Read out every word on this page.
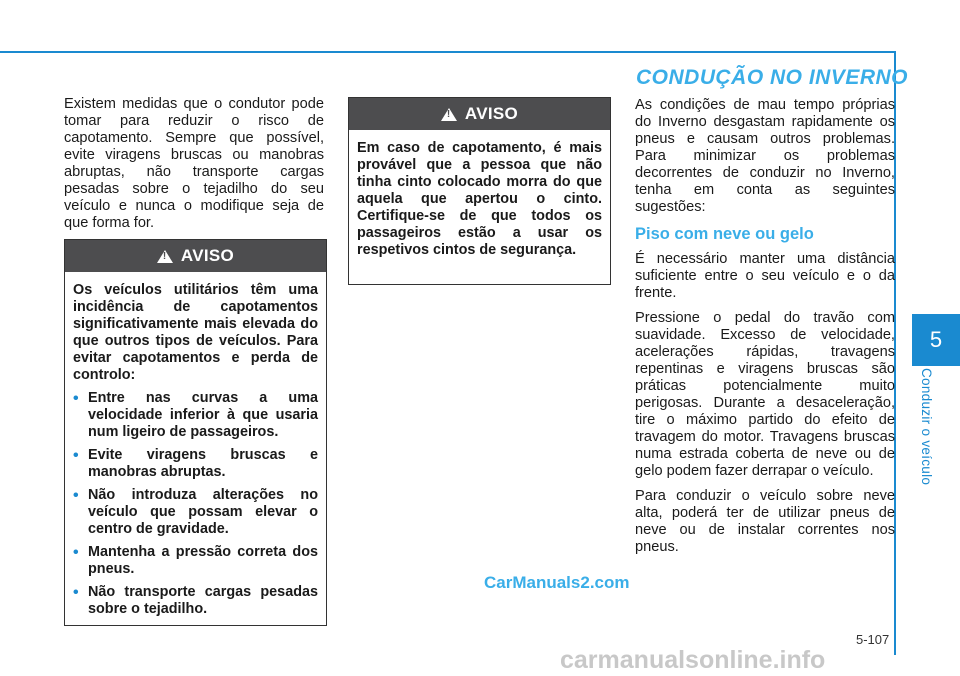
5
Conduzir o veículo
CONDUÇÃO NO INVERNO

Existem medidas que o condutor pode tomar para reduzir o risco de capotamento. Sempre que possível, evite viragens bruscas ou manobras abruptas, não transporte cargas pesadas sobre o tejadilho do seu veículo e nunca o modifique seja de que forma for.

!
AVISO
Os veículos utilitários têm uma incidência de capotamentos significativamente mais elevada do que outros tipos de veículos. Para evitar capotamentos e perda de controlo:
• Entre nas curvas a uma velocidade inferior à que usaria num ligeiro de passageiros.
• Evite viragens bruscas e manobras abruptas.
• Não introduza alterações no veículo que possam elevar o centro de gravidade.
• Mantenha a pressão correta dos pneus.
• Não transporte cargas pesadas sobre o tejadilho.
!
AVISO
Em caso de capotamento, é mais provável que a pessoa que não tinha cinto colocado morra do que aquela que apertou o cinto. Certifique-se de que todos os passageiros estão a usar os respetivos cintos de segurança.

As condições de mau tempo próprias do Inverno desgastam rapidamente os pneus e causam outros problemas. Para minimizar os problemas decorrentes de conduzir no Inverno, tenha em conta as seguintes sugestões:

Piso com neve ou gelo

É necessário manter uma distância suficiente entre o seu veículo e o da frente.

Pressione o pedal do travão com suavidade. Excesso de velocidade, acelerações rápidas, travagens repentinas e viragens bruscas são práticas potencialmente muito perigosas. Durante a desaceleração, tire o máximo partido do efeito de travagem do motor. Travagens bruscas numa estrada coberta de neve ou de gelo podem fazer derrapar o veículo.

Para conduzir o veículo sobre neve alta, poderá ter de utilizar pneus de neve ou de instalar correntes nos pneus.

5-107
CarManuals2.com
carmanualsonline.info
